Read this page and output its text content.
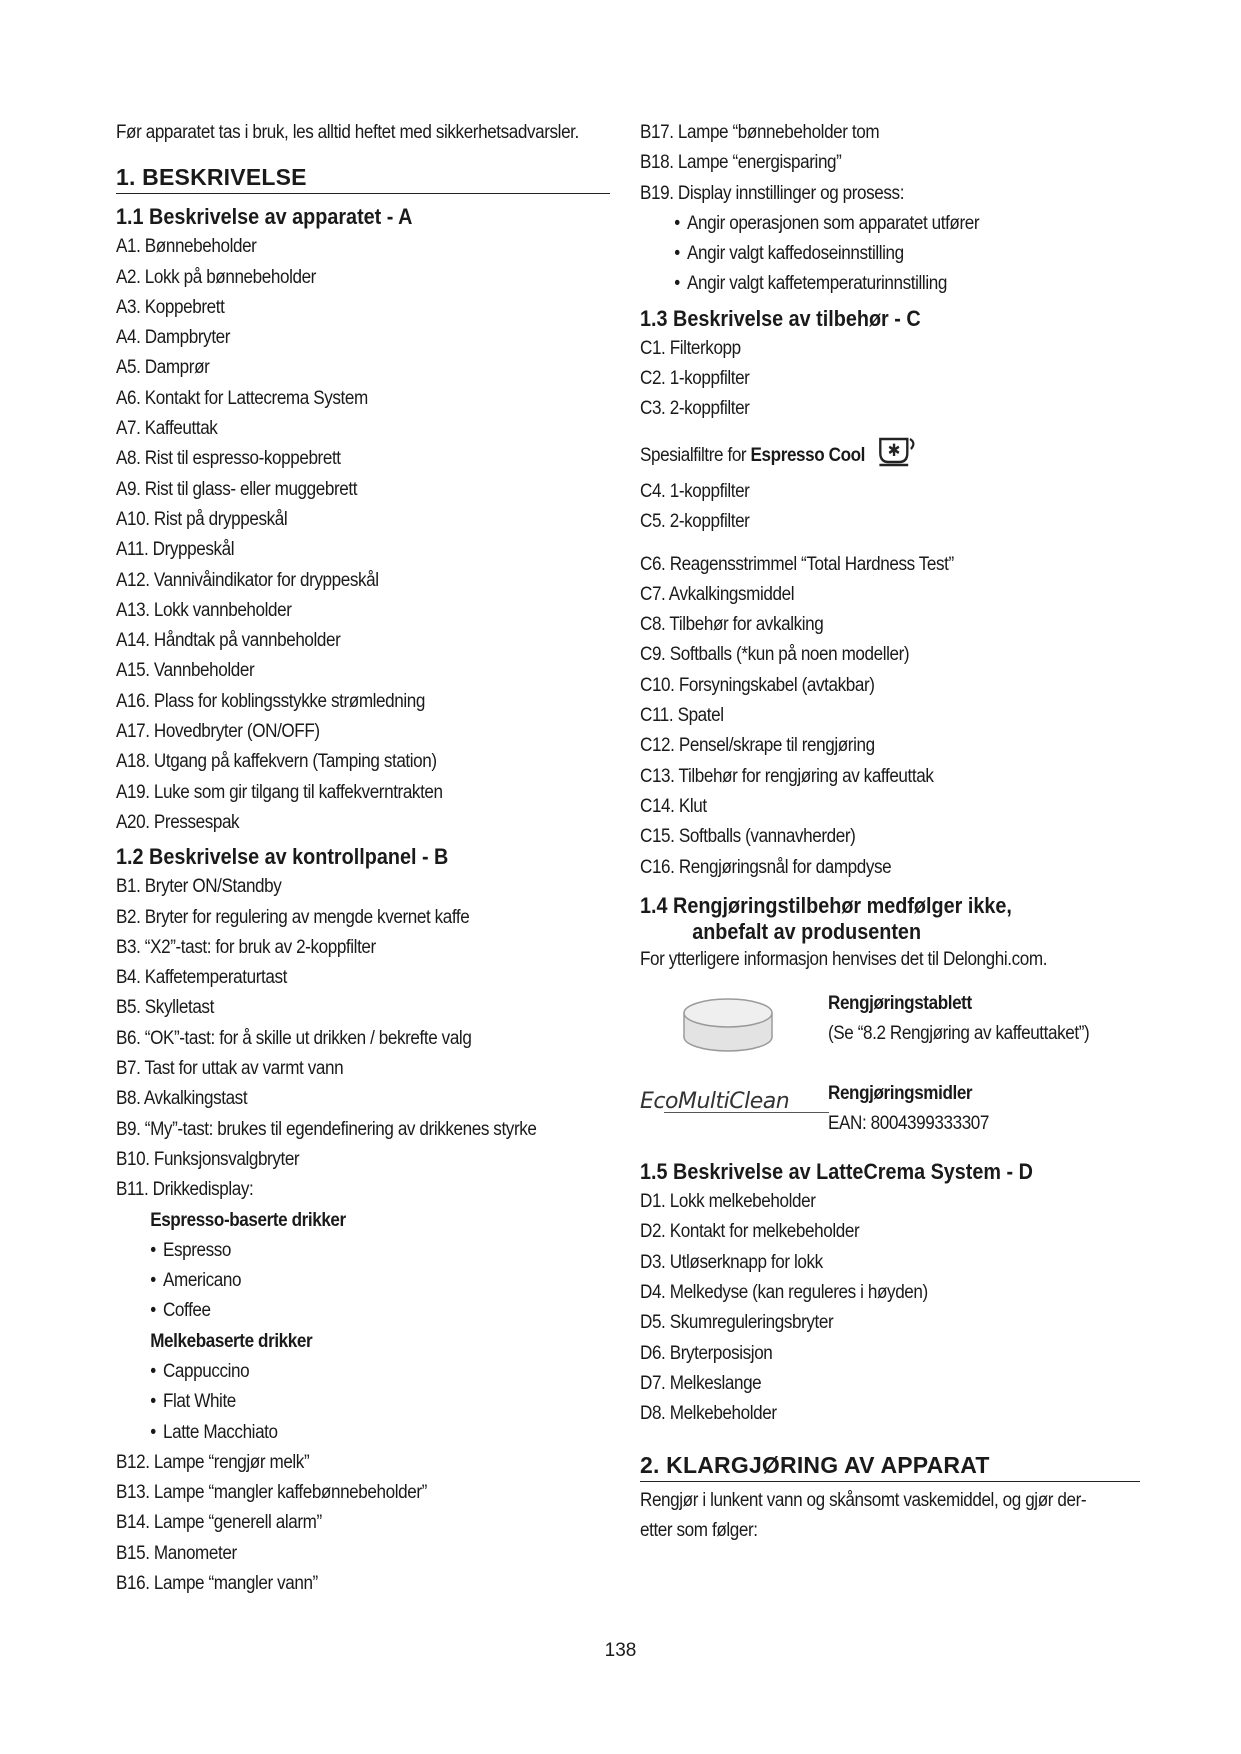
Før apparatet tas i bruk, les alltid heftet med sikkerhetsadvarsler.
1. BESKRIVELSE
1.1 Beskrivelse av apparatet - A
A1. Bønnebeholder
A2. Lokk på bønnebeholder
A3. Koppebrett
A4. Dampbryter
A5. Damprør
A6. Kontakt for Lattecrema System
A7. Kaffeuttak
A8. Rist til espresso-koppebrett
A9. Rist til glass- eller muggebrett
A10. Rist på dryppeskål
A11. Dryppeskål
A12. Vannivåindikator for dryppeskål
A13. Lokk vannbeholder
A14. Håndtak på vannbeholder
A15. Vannbeholder
A16. Plass for koblingsstykke strømledning
A17. Hovedbryter (ON/OFF)
A18. Utgang på kaffekvern (Tamping station)
A19. Luke som gir tilgang til kaffekverntrakten
A20. Pressespak
1.2 Beskrivelse av kontrollpanel - B
B1. Bryter ON/Standby
B2. Bryter for regulering av mengde kvernet kaffe
B3. “X2”-tast: for bruk av 2-koppfilter
B4. Kaffetemperaturtast
B5. Skylletast
B6. “OK”-tast: for å skille ut drikken / bekrefte valg
B7. Tast for uttak av varmt vann
B8. Avkalkingstast
B9. “My”-tast: brukes til egendefinering av drikkenes styrke
B10. Funksjonsvalgbryter
B11. Drikkedisplay:
Espresso-baserte drikker
• Espresso
• Americano
• Coffee
Melkebaserte drikker
• Cappuccino
• Flat White
• Latte Macchiato
B12. Lampe “rengjør melk”
B13. Lampe “mangler kaffebønnebeholder”
B14. Lampe “generell alarm”
B15. Manometer
B16. Lampe “mangler vann”
B17. Lampe “bønnebeholder tom
B18. Lampe “energisparing”
B19. Display innstillinger og prosess:
• Angir operasjonen som apparatet utfører
• Angir valgt kaffedoseinnstilling
• Angir valgt kaffetemperaturinnstilling
1.3 Beskrivelse av tilbehør - C
C1. Filterkopp
C2. 1-koppfilter
C3. 2-koppfilter
Spesialfiltre for Espresso Cool ✱
C4. 1-koppfilter
C5. 2-koppfilter
C6. Reagensstrimmel “Total Hardness Test”
C7. Avkalkingsmiddel
C8. Tilbehør for avkalking
C9. Softballs (*kun på noen modeller)
C10. Forsyningskabel (avtakbar)
C11. Spatel
C12. Pensel/skrape til rengjøring
C13. Tilbehør for rengjøring av kaffeuttak
C14. Klut
C15. Softballs (vannavherder)
C16. Rengjøringsnål for dampdyse
1.4 Rengjøringstilbehør medfølger ikke,
anbefalt av produsenten
For ytterligere informasjon henvises det til Delonghi.com.
Rengjøringstablett
(Se “8.2 Rengjøring av kaffeuttaket”)
EcoMultiClean	Rengjøringsmidler
EAN: 8004399333307
1.5 Beskrivelse av LatteCrema System - D
D1. Lokk melkebeholder
D2. Kontakt for melkebeholder
D3. Utløserknapp for lokk
D4. Melkedyse (kan reguleres i høyden)
D5. Skumreguleringsbryter
D6. Bryterposisjon
D7. Melkeslange
D8. Melkebeholder
2. KLARGJØRING AV APPARAT
Rengjør i lunkent vann og skånsomt vaskemiddel, og gjør der-
etter som følger:
138
